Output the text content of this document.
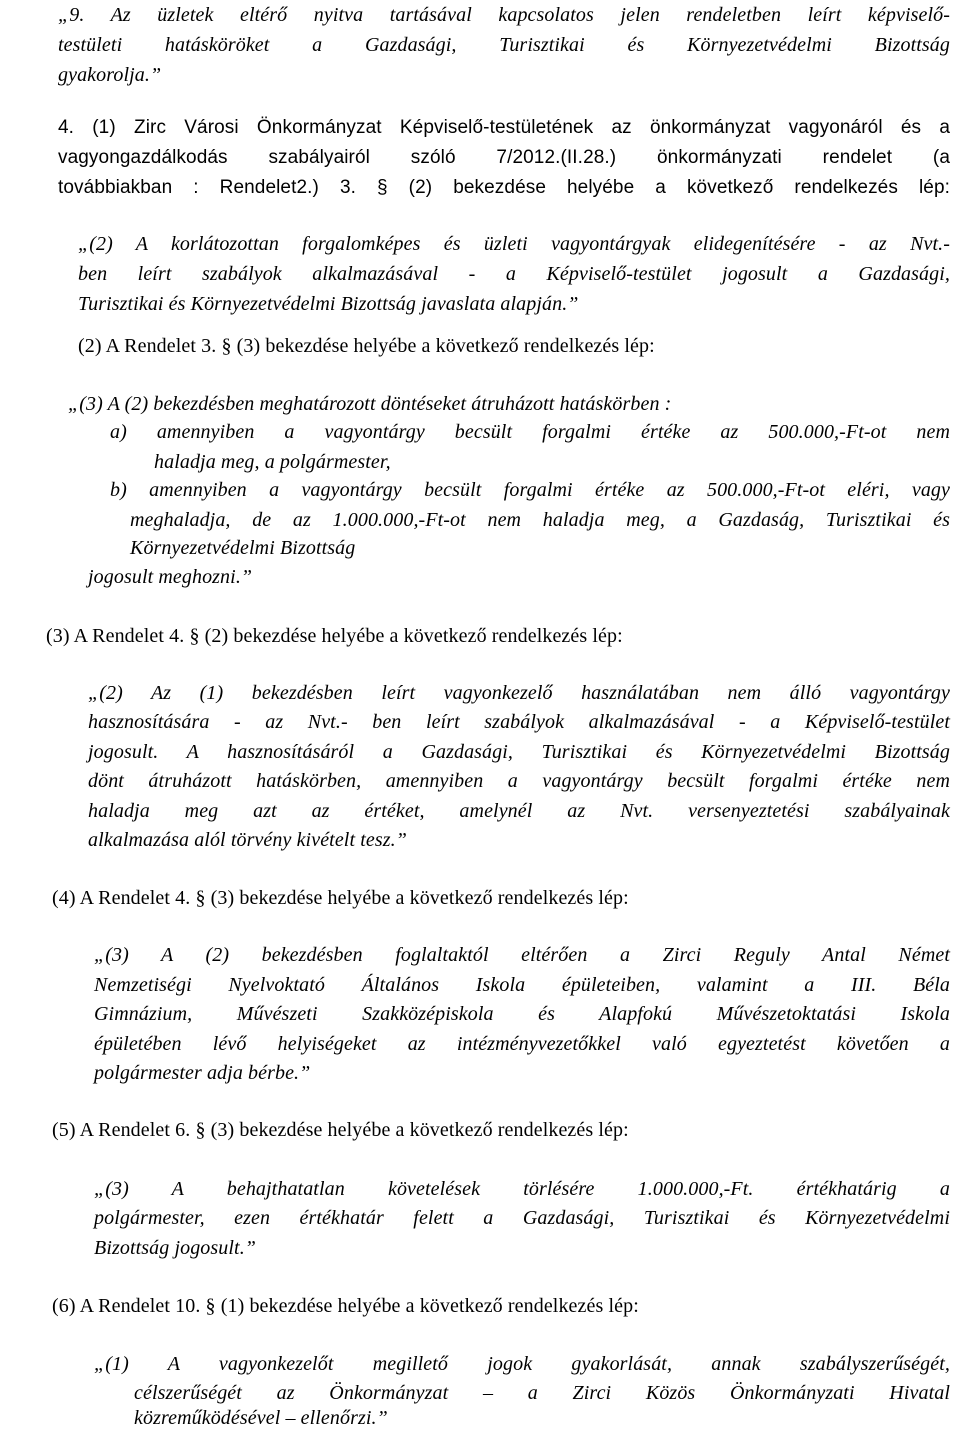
„9. Az üzletek eltérő nyitva tartásával kapcsolatos jelen rendeletben leírt képviselő-
testületi hatásköröket a Gazdasági, Turisztikai és Környezetvédelmi Bizottság
gyakorolja.”
4. (1) Zirc Városi Önkormányzat Képviselő-testületének az önkormányzat vagyonáról és a
vagyongazdálkodás szabályairól szóló 7/2012.(II.28.) önkormányzati rendelet (a
továbbiakban : Rendelet2.) 3. § (2) bekezdése helyébe a következő rendelkezés lép:
„(2) A korlátozottan forgalomképes és üzleti vagyontárgyak elidegenítésére - az Nvt.-
ben leírt szabályok alkalmazásával - a Képviselő-testület jogosult a Gazdasági,
Turisztikai és Környezetvédelmi Bizottság javaslata alapján.”
(2) A Rendelet 3. § (3) bekezdése helyébe a következő rendelkezés lép:
„(3) A (2) bekezdésben meghatározott döntéseket átruházott hatáskörben :
a) amennyiben a vagyontárgy becsült forgalmi értéke az 500.000,-Ft-ot nem
haladja meg, a polgármester,
b) amennyiben a vagyontárgy becsült forgalmi értéke az 500.000,-Ft-ot eléri, vagy
meghaladja, de az 1.000.000,-Ft-ot nem haladja meg, a Gazdaság, Turisztikai és
Környezetvédelmi Bizottság
jogosult meghozni.”
(3) A Rendelet 4. § (2) bekezdése helyébe a következő rendelkezés lép:
„(2) Az (1) bekezdésben leírt vagyonkezelő használatában nem álló vagyontárgy
hasznosítására - az Nvt.- ben leírt szabályok alkalmazásával - a Képviselő-testület
jogosult. A hasznosításáról a Gazdasági, Turisztikai és Környezetvédelmi Bizottság
dönt átruházott hatáskörben, amennyiben a vagyontárgy becsült forgalmi értéke nem
haladja meg azt az értéket, amelynél az Nvt. versenyeztetési szabályainak
alkalmazása alól törvény kivételt tesz.”
(4) A Rendelet 4. § (3) bekezdése helyébe a következő rendelkezés lép:
„(3) A (2) bekezdésben foglaltaktól eltérően a Zirci Reguly Antal Német
Nemzetiségi Nyelvoktató Általános Iskola épületeiben, valamint a III. Béla
Gimnázium, Művészeti Szakközépiskola és Alapfokú Művészetoktatási Iskola
épületében lévő helyiségeket az intézményvezetőkkel való egyeztetést követően a
polgármester adja bérbe.”
(5) A Rendelet 6. § (3) bekezdése helyébe a következő rendelkezés lép:
„(3) A behajthatatlan követelések törlésére 1.000.000,-Ft. értékhatárig a
polgármester, ezen értékhatár felett a Gazdasági, Turisztikai és Környezetvédelmi
Bizottság jogosult.”
(6) A Rendelet 10. § (1) bekezdése helyébe a következő rendelkezés lép:
„(1) A vagyonkezelőt megillető jogok gyakorlását, annak szabályszerűségét,
célszerűségét az Önkormányzat – a Zirci Közös Önkormányzati Hivatal
közreműködésével – ellenőrzi.”
